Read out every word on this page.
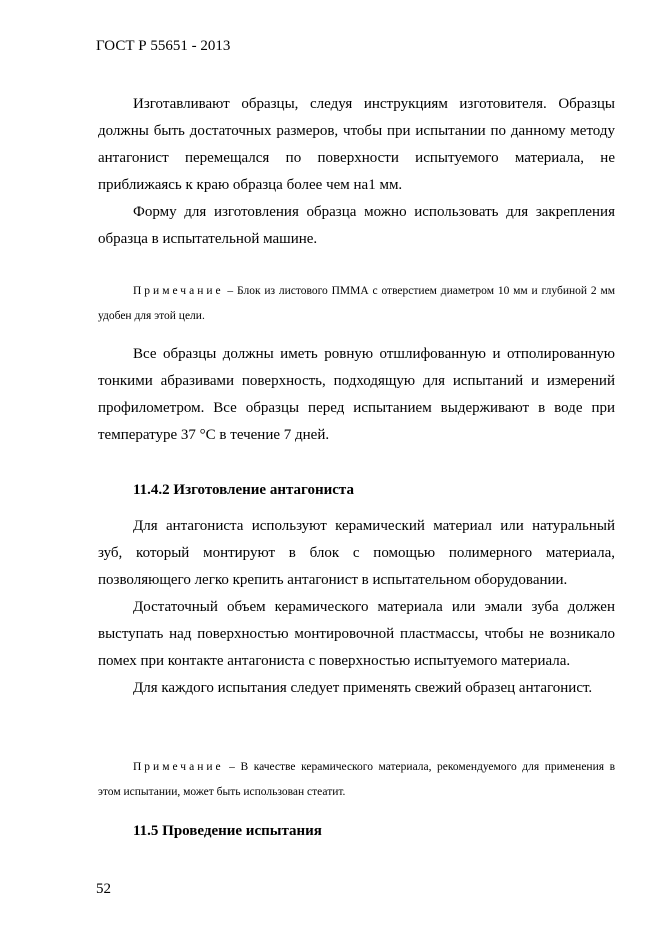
ГОСТ Р 55651 - 2013

Изготавливают образцы, следуя инструкциям изготовителя. Образцы должны быть достаточных размеров, чтобы при испытании по данному методу антагонист перемещался по поверхности испытуемого материала, не приближаясь к краю образца более чем на1 мм.

Форму для изготовления образца можно использовать для закрепления образца в испытательной машине.

Примечание – Блок из листового ПММА с отверстием диаметром 10 мм и глубиной 2 мм удобен для этой цели.

Все образцы должны иметь ровную отшлифованную и отполированную тонкими абразивами поверхность, подходящую для испытаний и измерений профилометром. Все образцы перед испытанием выдерживают в воде при температуре 37 °С в течение 7 дней.

11.4.2 Изготовление антагониста

Для антагониста используют керамический материал или натуральный зуб, который монтируют в блок с помощью полимерного материала, позволяющего легко крепить антагонист в испытательном оборудовании.

Достаточный объем керамического материала или эмали зуба должен выступать над поверхностью монтировочной пластмассы, чтобы не возникало помех при контакте антагониста с поверхностью испытуемого материала.

Для каждого испытания следует применять свежий образец антагонист.

Примечание – В качестве керамического материала, рекомендуемого для применения в этом испытании, может быть использован стеатит.

11.5 Проведение испытания

52
